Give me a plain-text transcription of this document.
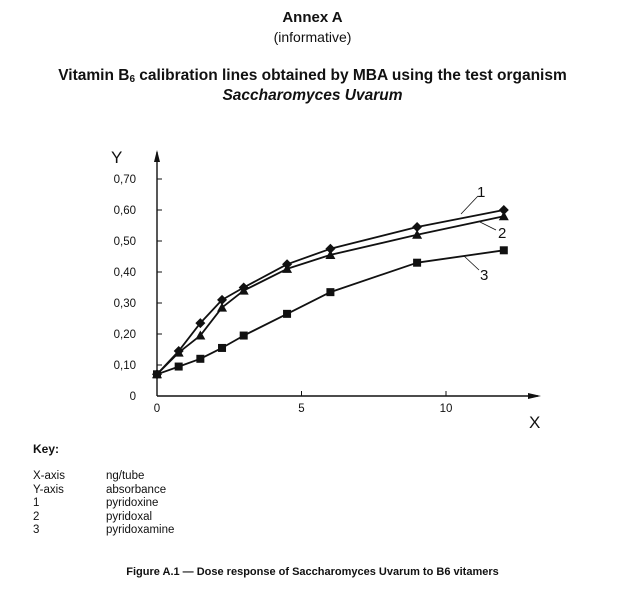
Annex A
(informative)
Vitamin $B_6$ calibration lines obtained by MBA using the test organism
Saccharomyces Uvarum
0
0,10
0,20
0,30
0,40
0,50
0,60
0,70
0	5	10
Y
X
1
2
3
Key:
X-axis	ng/tube
Y-axis	absorbance
1	pyridoxine
2	pyridoxal
3	pyridoxamine
Figure A.1 — Dose response of Saccharomyces Uvarum to B6 vitamers
